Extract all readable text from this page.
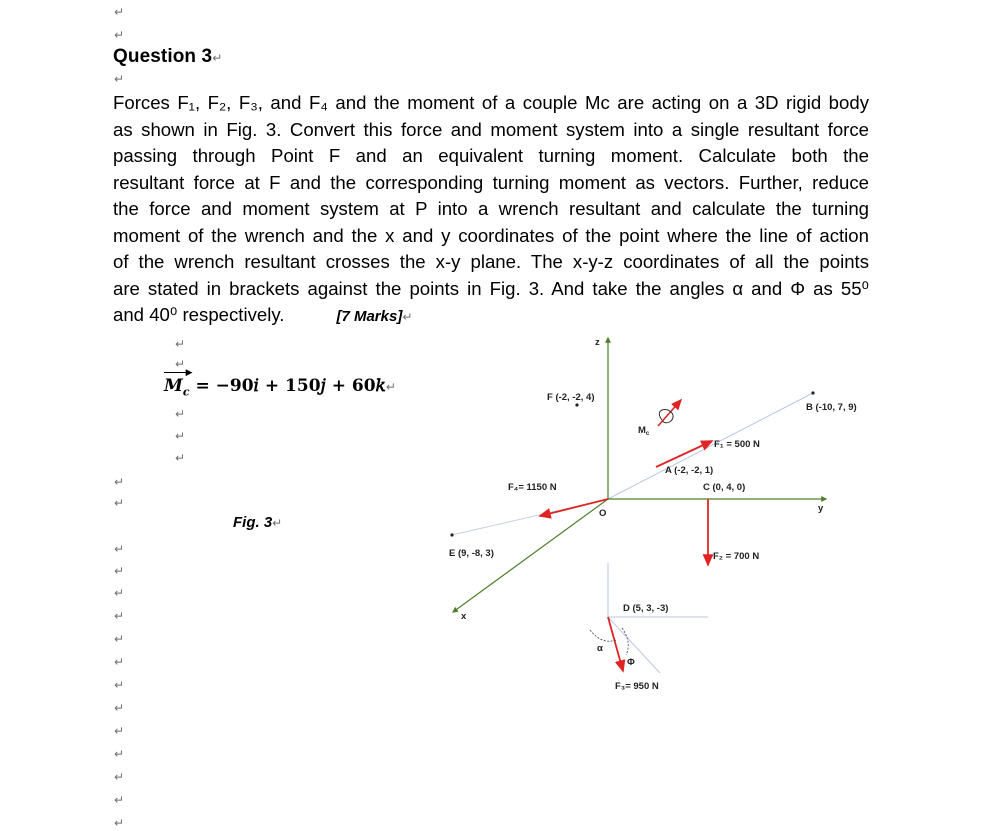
↵
↵
↵
Question 3↵
Forces F₁, F₂, F₃, and F₄ and the moment of a couple Mᴄ are acting on a 3D rigid body
as shown in Fig. 3. Convert this force and moment system into a single resultant force
passing through Point F and an equivalent turning moment. Calculate both the
resultant force at F and the corresponding turning moment as vectors. Further, reduce
the force and moment system at P into a wrench resultant and calculate the turning
moment of the wrench and the x and y coordinates of the point where the line of action
of the wrench resultant crosses the x-y plane. The x-y-z coordinates of all the points
are stated in brackets against the points in Fig. 3. And take the angles α and Φ as 55⁰
and 40⁰ respectively.	[7 Marks]↵
▶
$M_c$ = −90𝑖 + 150𝑗 + 60𝑘↵
Fig. 3↵
↵
↵
↵
↵
↵
↵
↵
↵
↵
↵
↵
↵
↵
↵
↵
↵
↵
↵
↵
↵
z
y
x
O
F (-2, -2, 4)
B (-10, 7, 9)
A (-2, -2, 1)
C (0, 4, 0)
E (9, -8, 3)
D (5, 3, -3)
F₁ = 500 N
F₂ = 700 N
F₃= 950 N
F₄= 1150 N
$M_c$
α
Φ
